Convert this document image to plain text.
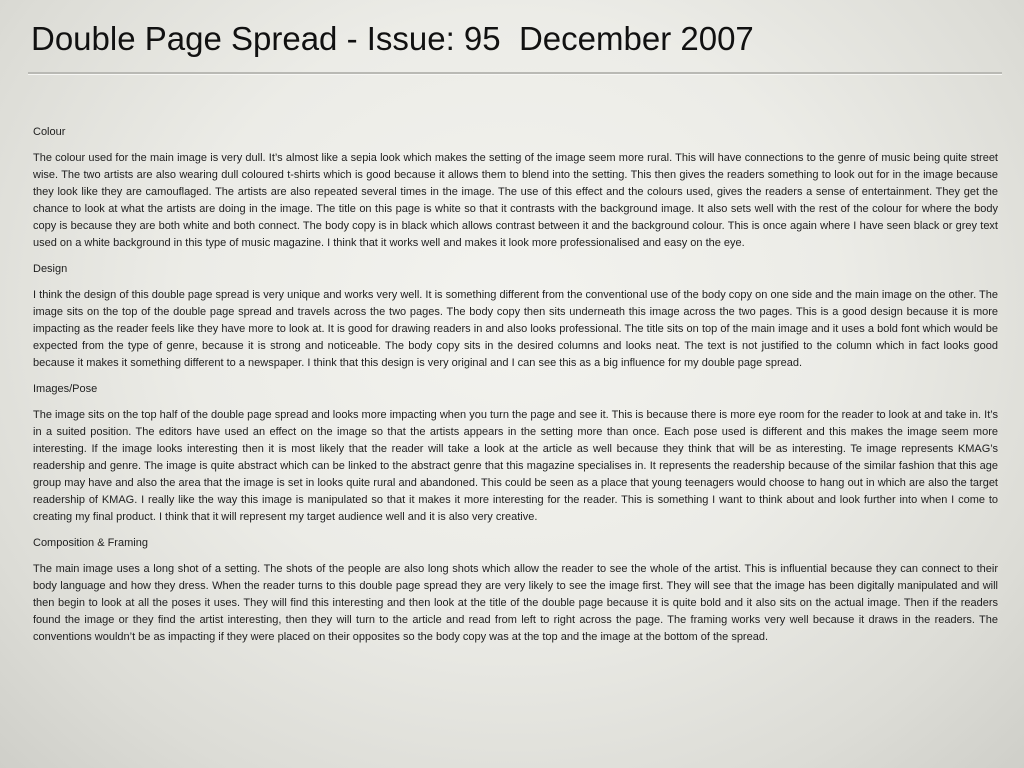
Double Page Spread - Issue: 95  December 2007

Colour

The colour used for the main image is very dull. It’s almost like a sepia look which makes the setting of the image seem more rural. This will have connections to the genre of music being quite street wise. The two artists are also wearing dull coloured t-shirts which is good because it allows them to blend into the setting. This then gives the readers something to look out for in the image because they look like they are camouflaged. The artists are also repeated several times in the image. The use of this effect and the colours used, gives the readers a sense of entertainment. They get the chance to look at what the artists are doing in the image. The title on this page is white so that it contrasts with the background image. It also sets well with the rest of the colour for where the body copy is because they are both white and both connect. The body copy is in black which allows contrast between it and the background colour. This is once again where I have seen black or grey text used on a white background in this type of music magazine. I think that it works well and makes it look more professionalised and easy on the eye.

Design

I think the design of this double page spread is very unique and works very well. It is something different from the conventional use of the body copy on one side and the main image on the other. The image sits on the top of the double page spread and travels across the two pages. The body copy then sits underneath this image across the two pages. This is a good design because it is more impacting as the reader feels like they have more to look at. It is good for drawing readers in and also looks professional. The title sits on top of the main image and it uses a bold font which would be expected from the type of genre, because it is strong and noticeable. The body copy sits in the desired columns and looks neat. The text is not justified to the column which in fact looks good because it makes it something different to a newspaper. I think that this design is very original and I can see this as a big influence for my double page spread.

Images/Pose

The image sits on the top half of the double page spread and looks more impacting when you turn the page and see it. This is because there is more eye room for the reader to look at and take in. It’s in a suited position. The editors have used an effect on the image so that the artists appears in the setting more than once. Each pose used is different and this makes the image seem more interesting. If the image looks interesting then it is most likely that the reader will take a look at the article as well because they think that will be as interesting. Te image represents KMAG’s readership and genre. The image is quite abstract which can be linked to the abstract genre that this magazine specialises in. It represents the readership because of the similar fashion that this age group may have and also the area that the image is set in looks quite rural and abandoned. This could be seen as a place that young teenagers would choose to hang out in which are also the target readership of KMAG. I really like the way this image is manipulated so that it makes it more interesting for the reader. This is something I want to think about and look further into when I come to creating my final product. I think that it will represent my target audience well and it is also very creative.

Composition & Framing

The main image uses a long shot of a setting. The shots of the people are also long shots which allow the reader to see the whole of the artist. This is influential because they can connect to their body language and how they dress. When the reader turns to this double page spread they are very likely to see the image first. They will see that the image has been digitally manipulated and will then begin to look at all the poses it uses. They will find this interesting and then look at the title of the double page because it is quite bold and it also sits on the actual image. Then if the readers found the image or they find the artist interesting, then they will turn to the article and read from left to right across the page. The framing works very well because it draws in the readers. The conventions wouldn’t be as impacting if they were placed on their opposites so the body copy was at the top and the image at the bottom of the spread.
